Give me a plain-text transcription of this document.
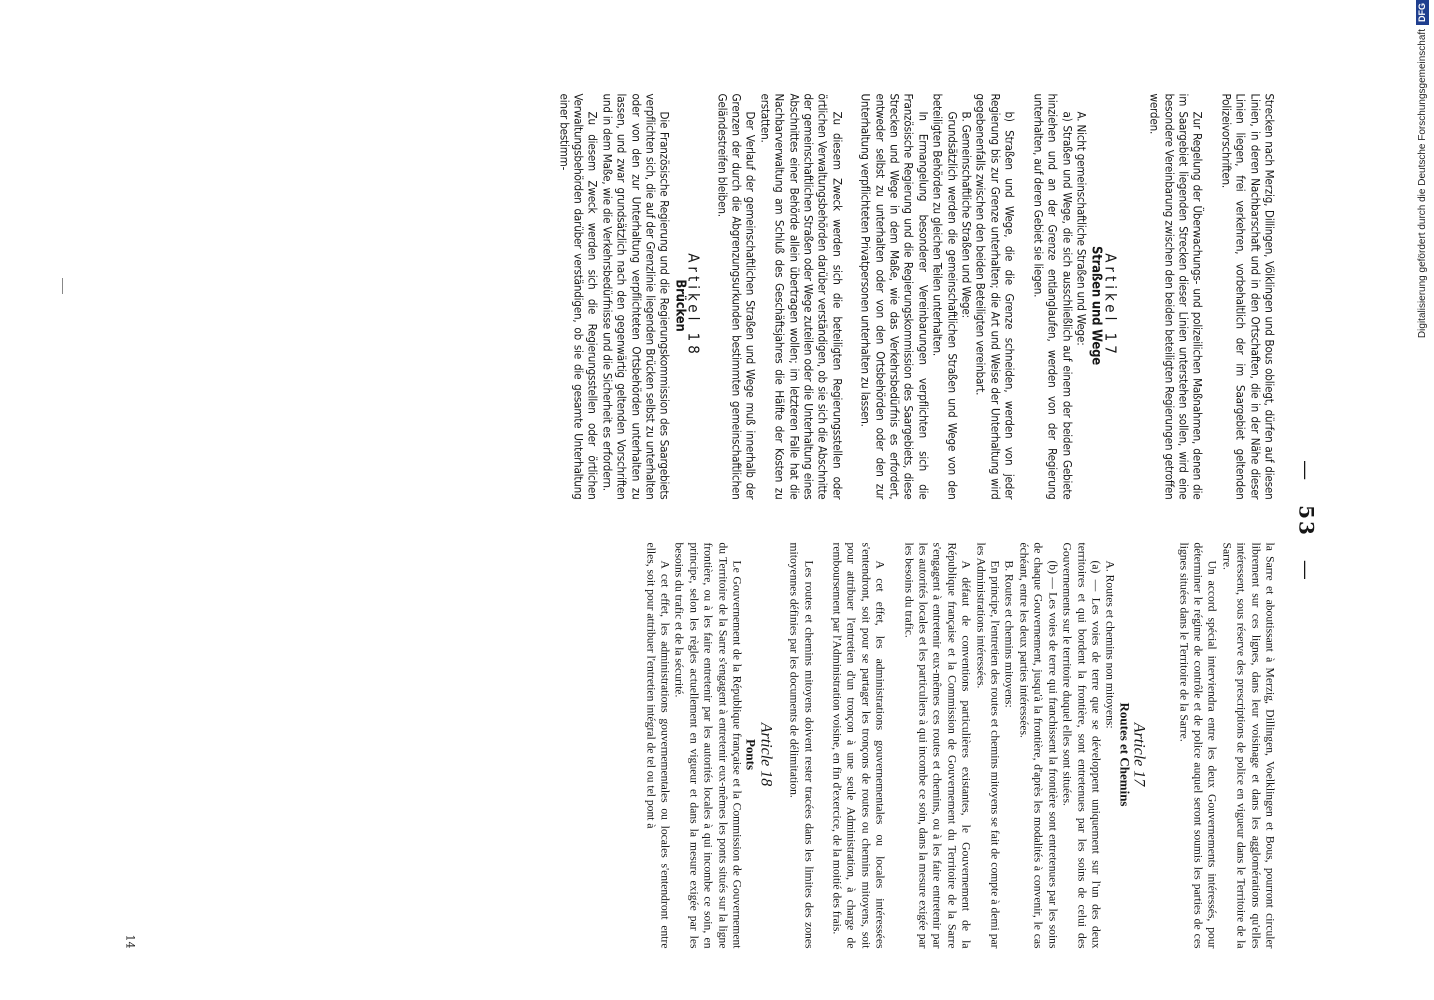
— 53 —

Strecken nach Merzig, Dillingen, Völklingen und Bous obliegt, dürfen auf diesen Linien, in deren Nachbarschaft und in den Ortschaften, die in der Nähe dieser Linien liegen, frei verkehren, vorbehaltlich der im Saargebiet geltenden Polizeivorschriften.

Zur Regelung der Überwachungs- und polizeilichen Maßnahmen, denen die im Saargebiet liegenden Strecken dieser Linien unterstehen sollen, wird eine besondere Vereinbarung zwischen den beiden beteiligten Regierungen getroffen werden.

Artikel 17

Straßen und Wege

A. Nicht gemeinschaftliche Straßen und Wege:

a) Straßen und Wege, die sich ausschließlich auf einem der beiden Gebiete hinziehen und an der Grenze entlanglaufen, werden von der Regierung unterhalten, auf deren Gebiet sie liegen.

b) Straßen und Wege, die die Grenze schneiden, werden von jeder Regierung bis zur Grenze unterhalten; die Art und Weise der Unterhaltung wird gegebenenfalls zwischen den beiden Beteiligten vereinbart.

B. Gemeinschaftliche Straßen und Wege:

Grundsätzlich werden die gemeinschaftlichen Straßen und Wege von den beteiligten Behörden zu gleichen Teilen unterhalten.

In Ermangelung besonderer Vereinbarungen verpflichten sich die Französische Regierung und die Regierungskommission des Saargebiets, diese Strecken und Wege in dem Maße, wie das Verkehrsbedürfnis es erfordert, entweder selbst zu unterhalten oder von den Ortsbehörden oder den zur Unterhaltung verpflichteten Privatpersonen unterhalten zu lassen.

Zu diesem Zweck werden sich die beteiligten Regierungsstellen oder örtlichen Verwaltungsbehörden darüber verständigen, ob sie sich die Abschnitte der gemeinschaftlichen Straßen oder Wege zuteilen oder die Unterhaltung eines Abschnittes einer Behörde allein übertragen wollen; im letzteren Falle hat die Nachbarverwaltung am Schluß des Geschäftsjahres die Hälfte der Kosten zu erstatten.

Der Verlauf der gemeinschaftlichen Straßen und Wege muß innerhalb der Grenzen der durch die Abgrenzungsurkunden bestimmten gemeinschaftlichen Geländestreifen bleiben.

Artikel 18

Brücken

Die Französische Regierung und die Regierungskommission des Saargebiets verpflichten sich, die auf der Grenzlinie liegenden Brücken selbst zu unterhalten oder von den zur Unterhaltung verpflichteten Ortsbehörden unterhalten zu lassen, und zwar grundsätzlich nach den gegenwärtig geltenden Vorschriften und in dem Maße, wie die Verkehrsbedürfnisse und die Sicherheit es erfordern.

Zu diesem Zweck werden sich die Regierungsstellen oder örtlichen Verwaltungsbehörden darüber verständigen, ob sie die gesamte Unterhaltung einer bestimm-

la Sarre et aboutissant à Merzig, Dillingen, Voelklingen et Bous, pourront circuler librement sur ces lignes, dans leur voisinage et dans les agglomérations qu'elles intéressent, sous réserve des prescriptions de police en vigueur dans le Territoire de la Sarre.

Un accord spécial interviendra entre les deux Gouvernements intéressés, pour déterminer le régime de contrôle et de police auquel seront soumis les parties de ces lignes situées dans le Territoire de la Sarre.

Article 17

Routes et Chemins

A. Routes et chemins non mitoyens:

(a) — Les voies de terre que se développent uniquement sur l'un des deux territoires et qui bordent la frontière, sont entretenues par les soins de celui des Gouvernements sur le territoire duquel elles sont situées.

(b) — Les voies de terre qui franchissent la frontière sont entretenues par les soins de chaque Gouvernement, jusqu'à la frontière, d'après les modalités à convenir, le cas échéant, entre les deux parties intéressées.

B. Routes et chemins mitoyens:

En principe, l'entretien des routes et chemins mitoyens se fait de compte à demi par les Administrations intéressées.

A défaut de conventions particulières existantes, le Gouvernement de la République française et la Commission de Gouvernement du Territoire de la Sarre s'engagent à entretenir eux-mêmes ces routes et chemins, ou à les faire entretenir par les autorités locales et les particuliers à qui incombe ce soin, dans la mesure exigée par les besoins du trafic.

A cet effet, les administrations gouvernementales ou locales intéressées s'entendront, soit pour se partager les tronçons de routes ou chemins mitoyens, soit pour attribuer l'entretien d'un tronçon à une seule Administration, à charge de remboursement par l'Administration voisine, en fin d'exercice, de la moitié des frais.

Les routes et chemins mitoyens doivent rester tracées dans les limites des zones mitoyennes définies par les documents de délimitation.

Article 18

Ponts

Le Gouvernement de la République française et la Commission de Gouvernement du Territoire de la Sarre s'engagent à entretenir eux-mêmes les ponts situés sur la ligne frontière, ou à les faire entretenir par les autorités locales à qui incombe ce soin, en principe, selon les règles actuellement en vigueur et dans la mesure exigée par les besoins du trafic et de la sécurité.

A cet effet, les administrations gouvernementales ou locales s'entendront entre elles, soit pour attribuer l'entretien intégral de tel ou tel pont à

14
Digitalisierung gefördert durch die Deutsche ForschungsgemeinschaftDFG
